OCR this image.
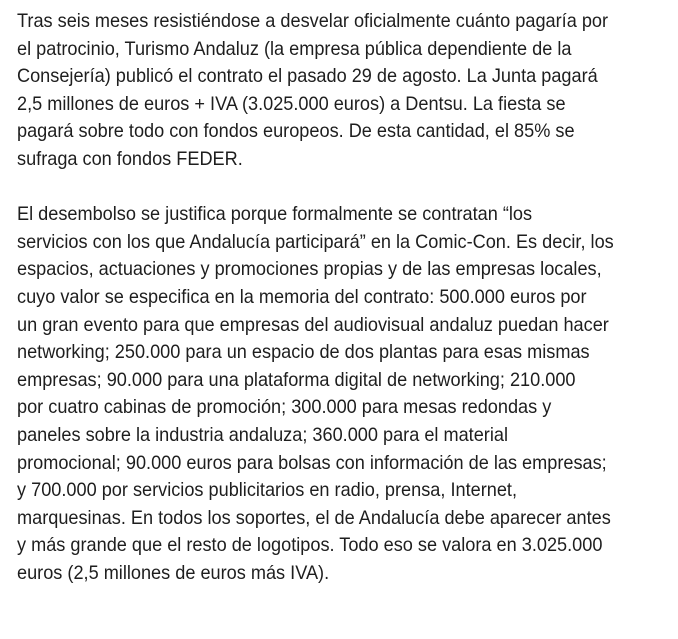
Tras seis meses resistiéndose a desvelar oficialmente cuánto pagaría por
el patrocinio, Turismo Andaluz (la empresa pública dependiente de la
Consejería) publicó el contrato el pasado 29 de agosto. La Junta pagará
2,5 millones de euros + IVA (3.025.000 euros) a Dentsu. La fiesta se
pagará sobre todo con fondos europeos. De esta cantidad, el 85% se
sufraga con fondos FEDER.

El desembolso se justifica porque formalmente se contratan “los
servicios con los que Andalucía participará” en la Comic-Con. Es decir, los
espacios, actuaciones y promociones propias y de las empresas locales,
cuyo valor se especifica en la memoria del contrato: 500.000 euros por
un gran evento para que empresas del audiovisual andaluz puedan hacer
networking; 250.000 para un espacio de dos plantas para esas mismas
empresas; 90.000 para una plataforma digital de networking; 210.000
por cuatro cabinas de promoción; 300.000 para mesas redondas y
paneles sobre la industria andaluza; 360.000 para el material
promocional; 90.000 euros para bolsas con información de las empresas;
y 700.000 por servicios publicitarios en radio, prensa, Internet,
marquesinas. En todos los soportes, el de Andalucía debe aparecer antes
y más grande que el resto de logotipos. Todo eso se valora en 3.025.000
euros (2,5 millones de euros más IVA).
